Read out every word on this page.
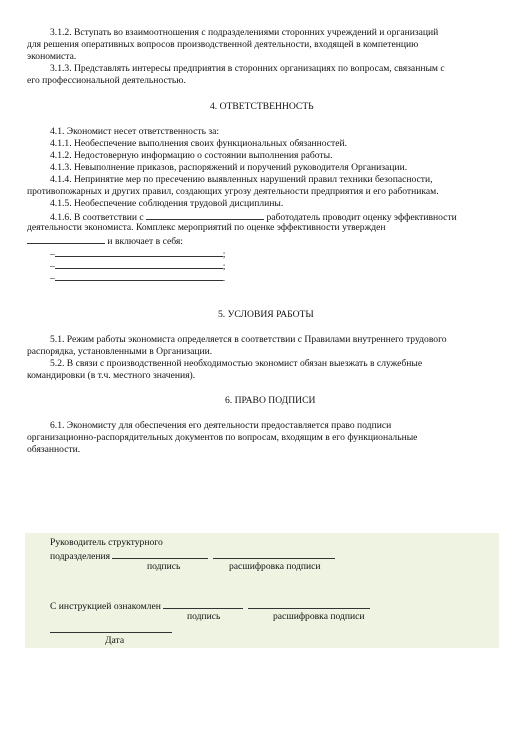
3.1.2. Вступать во взаимоотношения с подразделениями сторонних учреждений и организаций
для решения оперативных вопросов производственной деятельности, входящей в компетенцию
экономиста.
3.1.3. Представлять интересы предприятия в сторонних организациях по вопросам, связанным с
его профессиональной деятельностью.
4. ОТВЕТСТВЕННОСТЬ
4.1. Экономист несет ответственность за:
4.1.1. Необеспечение выполнения своих функциональных обязанностей.
4.1.2. Недостоверную информацию о состоянии выполнения работы.
4.1.3. Невыполнение приказов, распоряжений и поручений руководителя Организации.
4.1.4. Непринятие мер по пресечению выявленных нарушений правил техники безопасности,
противопожарных и других правил, создающих угрозу деятельности предприятия и его работникам.
4.1.5. Необеспечение соблюдения трудовой дисциплины.
4.1.6. В соответствии с	работодатель проводит оценку эффективности
деятельности экономиста. Комплекс мероприятий по оценке эффективности утвержден
и включает в себя:
–	;
–	;
–	.
5. УСЛОВИЯ РАБОТЫ
5.1. Режим работы экономиста определяется в соответствии с Правилами внутреннего трудового
распорядка, установленными в Организации.
5.2. В связи с производственной необходимостью экономист обязан выезжать в служебные
командировки (в т.ч. местного значения).
6. ПРАВО ПОДПИСИ
6.1. Экономисту для обеспечения его деятельности предоставляется право подписи
организационно-распорядительных документов по вопросам, входящим в его функциональные
обязанности.
Руководитель структурного
подразделения
подпись	расшифровка подписи
С инструкцией ознакомлен
подпись	расшифровка подписи
Дата
